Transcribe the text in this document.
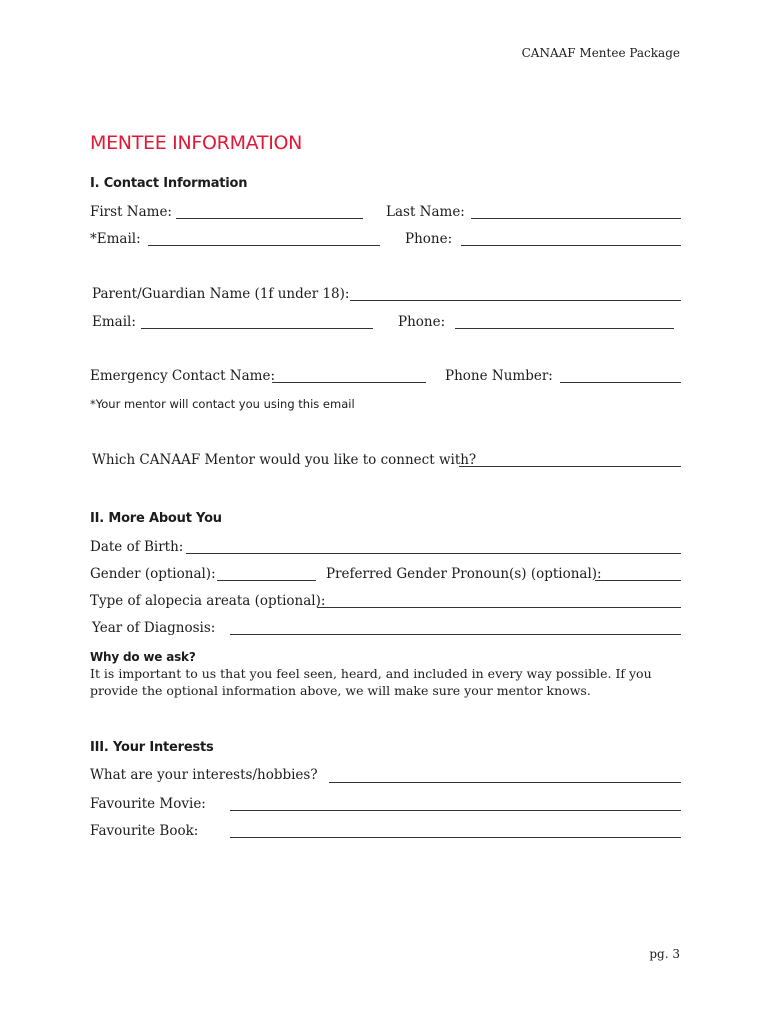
CANAAF Mentee Package
MENTEE INFORMATION
I. Contact Information
First Name:	Last Name:
*Email:	Phone:
Parent/Guardian Name (1f under 18):
Email:	Phone:
Emergency Contact Name:	Phone Number:
*Your mentor will contact you using this email
Which CANAAF Mentor would you like to connect with?
II. More About You
Date of Birth:
Gender (optional):	Preferred Gender Pronoun(s) (optional):
Type of alopecia areata (optional):
Year of Diagnosis:
Why do we ask?
It is important to us that you feel seen, heard, and included in every way possible. If you
provide the optional information above, we will make sure your mentor knows.
III. Your Interests
What are your interests/hobbies?
Favourite Movie:
Favourite Book:
pg. 3
